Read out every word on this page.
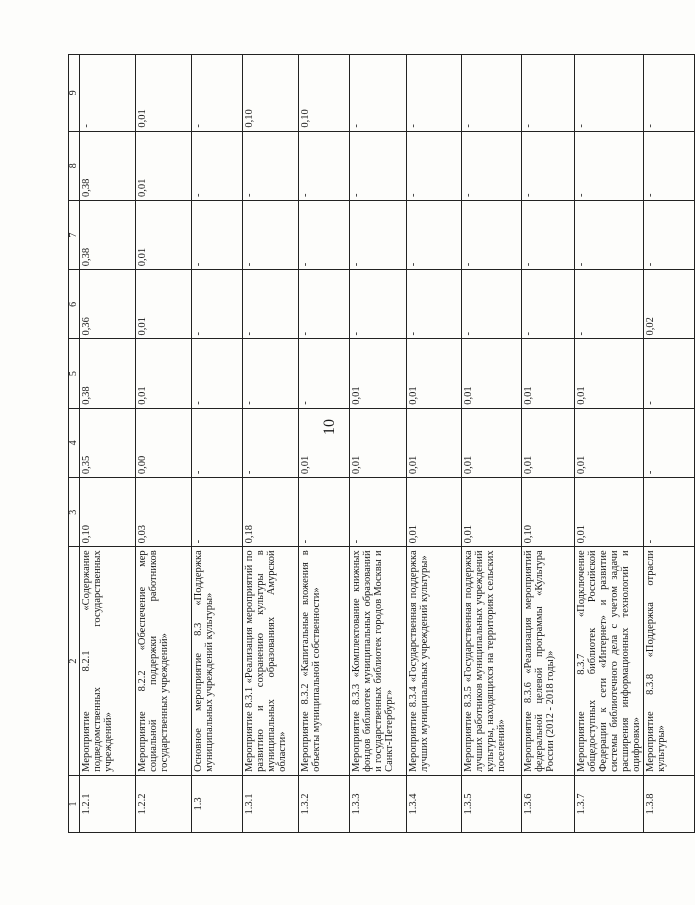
10
1	2	3	4	5	6	7	8	9
1.2.1	Мероприятие 8.2.1 «Содержание подведомственных государственных учреждений»	0,10	0,35	0,38	0,36	0,38	0,38	-
1.2.2	Мероприятие 8.2.2 «Обеспечение мер социальной поддержки работников государственных учреждений»	0,03	0,00	0,01	0,01	0,01	0,01	0,01
1.3	Основное мероприятие 8.3 «Поддержка муниципальных учреждений культуры»	-	-	-	-	-	-	-
1.3.1	Мероприятие 8.3.1 «Реализация мероприятий по развитию и сохранению культуры в муниципальных образованиях Амурской области»	0,18	-	-	-	-	-	0,10
1.3.2	Мероприятие 8.3.2 «Капитальные вложения в объекты муниципальной собственности»	-	0,01	-	-	-	-	0,10
1.3.3	Мероприятие 8.3.3 «Комплектование книжных фондов библиотек муниципальных образований и государственных библиотек городов Москвы и Санкт-Петербург»	-	0,01	0,01	-	-	-	-
1.3.4	Мероприятие 8.3.4 «Государственная поддержка лучших муниципальных учреждений культуры»	0,01	0,01	0,01	-	-	-	-
1.3.5	Мероприятие 8.3.5 «Государственная поддержка лучших работников муниципальных учреждений культуры, находящихся на территориях сельских поселений»	0,01	0,01	0,01	-	-	-	-
1.3.6	Мероприятие 8.3.6 «Реализация мероприятий федеральной целевой программы «Культура России (2012 - 2018 годы)»	0,10	0,01	0,01	-	-	-	-
1.3.7	Мероприятие 8.3.7 «Подключение общедоступных библиотек Российской Федерации к сети «Интернет» и развитие системы библиотечного дела с учетом задачи расширения информационных технологий и оцифровки»	0,01	0,01	0,01	-	-	-	-
1.3.8	Мероприятие 8.3.8 «Поддержка отрасли культуры»	-	-	-	0,02	-	-	-
